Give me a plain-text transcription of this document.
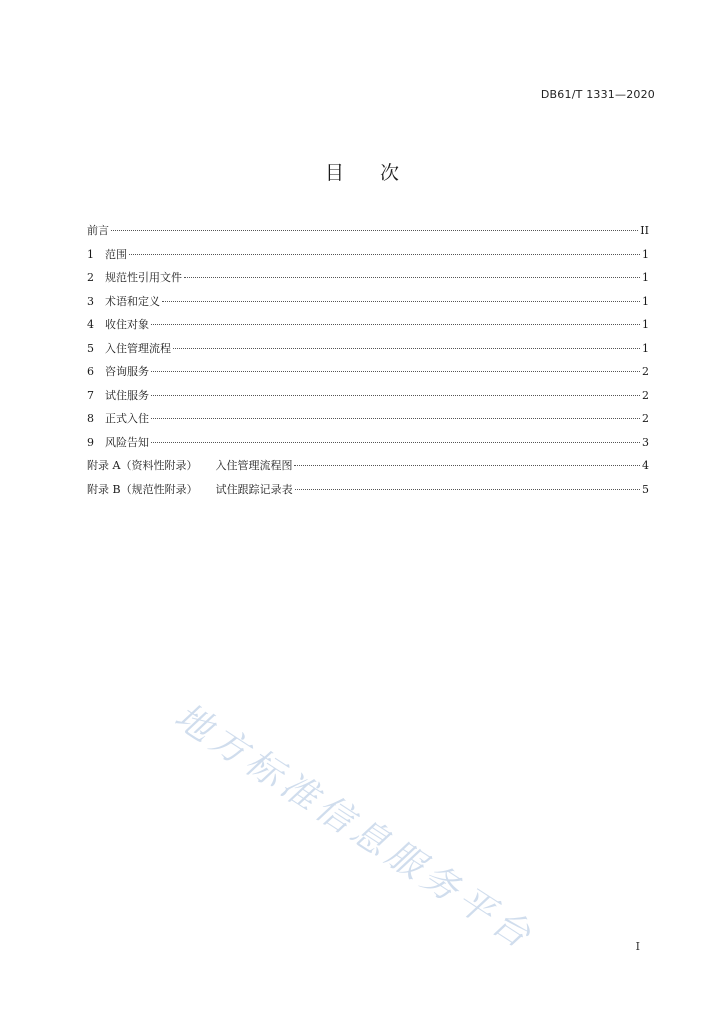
DB61/T 1331—2020
目 次
前言	II
1	范围	1
2	规范性引用文件	1
3	术语和定义	1
4	收住对象	1
5	入住管理流程	1
6	咨询服务	2
7	试住服务	2
8	正式入住	2
9	风险告知	3
附录 A（资料性附录） 入住管理流程图	4
附录 B（规范性附录） 试住跟踪记录表	5
地方标准信息服务平台	I
